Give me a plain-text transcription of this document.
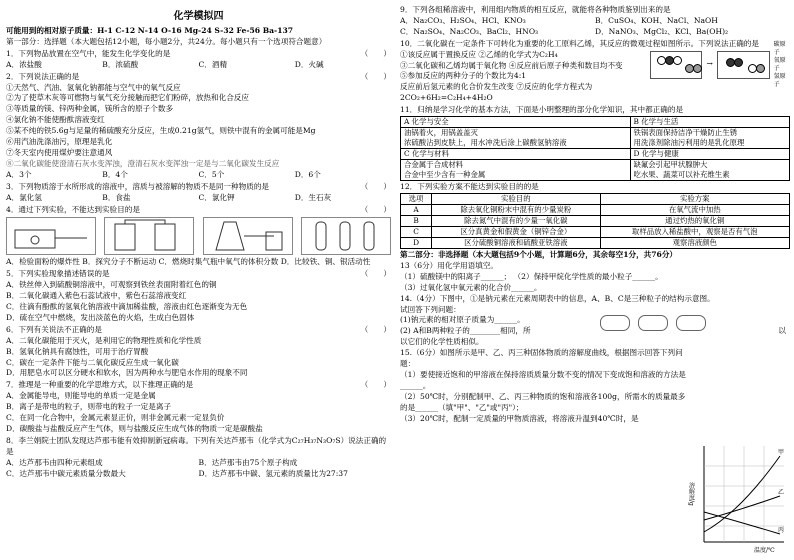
化学模拟四
可能用到的相对原子质量：H-1 C-12 N-14 O-16 Mg-24 S-32 Fe-56 Ba-137
第一部分：选择题（本大题包括12小题，每小题2分，共24分。每小题只有一个选项符合题意）
（　　）
1．下列物品放置在空气中，能发生化学变化的是
A．浓盐酸	B．浓硫酸	C．酒精	D．火碱
（　　）
2．下列说法正确的是
①天然气、汽油、氢氧化钠都能与空气中的氧气反应
②为了使草木灰等可燃物与氧气充分接触而把它们粉碎，放热和化合反应
③等质量的镁、锌两种金属，镁所含的原子个数多
④氯化钠不能使酚酞溶液变红
⑤某不纯的铁5.6g与足量的稀硫酸充分反应，生成0.21g氢气，则铁中混有的金属可能是Mg
⑥用汽油洗涤油污，原理是乳化
⑦冬天室内使用煤炉要注意通风
⑧二氧化碳能使澄清石灰水变浑浊，澄清石灰水变浑浊一定是与二氧化碳发生反应
A．3个	B．4个	C．5个	D．6个
（　　）
3．下列物质溶于水所形成的溶液中，溶质与被溶解的物质不是同一种物质的是
A．氯化氢	B．食盐	C．氯化钾	D．生石灰
（　　）
4．通过下列实验，不能达到实验目的是
A．检验面粉的爆炸性 B．探究分子不断运动 C．燃烧时集气瓶中氧气的体积分数 D．比较铁、铜、银活动性
（　　）
5．下列实验现象描述错误的是
A．铁丝伸入到硫酸铜溶液中，可观察到铁丝表面附着红色的铜
B．二氧化碳通入紫色石蕊试液中，紫色石蕊溶液变红
C．往滴有酚酞的氢氧化钠溶液中滴加稀盐酸，溶液由红色逐渐变为无色
D．硫在空气中燃烧，发出淡蓝色的火焰，生成白色固体
（　　）
6．下列有关说法不正确的是
A．二氧化碳能用于灭火，是利用它的物理性质和化学性质
B．氢氧化钠具有腐蚀性，可用于治疗胃酸
C．碳在一定条件下能与二氧化碳反应生成一氧化碳
D．用肥皂水可以区分硬水和软水，因为两种水与肥皂水作用的现象不同
（　　）
7．推理是一种重要的化学思维方式，以下推理正确的是
A．金属能导电，则能导电的单质一定是金属
B．离子是带电的粒子，则带电的粒子一定是离子
C．在同一化合物中，金属元素显正价，则非金属元素一定显负价
D．碳酸盐与盐酸反应产生气体，则与盐酸反应生成气体的物质一定是碳酸盐
8．李兰娟院士团队发现达芦那韦能有效抑制新冠病毒。下列有关达芦那韦（化学式为C₂₇H₃₇N₃O₇S）说法正确的是
A．达芦那韦由四种元素组成	B．达芦那韦由75个原子构成
C．达芦那韦中碳元素质量分数最大	D．达芦那韦中碳、氢元素的质量比为27:37
9．下列各组稀溶液中，利用组内物质的相互反应，就能将各种物质鉴别出来的是
A．Na₂CO₃、H₂SO₄、HCl、KNO₃	B．CuSO₄、KOH、NaCl、NaOH
C．Na₂SO₄、Na₂CO₃、BaCl₂、HNO₃	D．NaNO₃、MgCl₂、KCl、Ba(OH)₂
10．二氧化碳在一定条件下可转化为重要的化工原料乙烯，其反应的微观过程如图所示。下列说法正确的是
①该反应属于置换反应 ②乙烯的化学式为C₂H₄
③二氧化碳和乙烯均属于氧化物 ④反应前后原子种类和数目均不变
⑤参加反应的两种分子的个数比为4:1
反应前后氢元素的化合价发生改变 ⑦反应的化学方程式为2CO₂+6H₂=C₂H₄+4H₂O
→
碳原子
氧原子
氢原子
11．归纳是学习化学的基本方法，下面是小明整理的部分化学知识，其中都正确的是
A 化学与安全	B 化学与生活
油锅着火，用锅盖盖灭
浓硫酸沾到皮肤上，用水冲洗后涂上碳酸氢钠溶液	铁锅表面保持洁净干燥防止生锈
用洗涤剂除油污利用的是乳化原理
C 化学与材料	D 化学与健康
合金属于合成材料
合金中至少含有一种金属	缺氟会引起甲状腺肿大
吃水果、蔬菜可以补充维生素
12．下列实验方案不能达到实验目的的是
选项	实验目的	实验方案
A	除去氧化铜粉末中混有的少量炭粉	在氧气流中加热
B	除去氮气中混有的少量一氧化碳	通过灼热的氧化铜
C	区分真黄金和假黄金（铜锌合金）	取样品放入稀盐酸中，观察是否有气泡
D	区分硫酸铜溶液和硫酸亚铁溶液	观察溶液颜色
第二部分：非选择题（本大题包括9个小题，计算题6分，其余每空1分，共76分）
13（6分）用化学用语填空。
（1）硫酸镁中的阳离子______； （2）保持甲烷化学性质的最小粒子______。
（3）过氧化氢中氧元素的化合价______。
14.（4分）下图中，①是钠元素在元素周期表中的信息，A、B、C是三种粒子的结构示意图。
试回答下列问题：
(1)钠元素的相对原子质量为______。
(2) A和B两种粒子的________相同，所
以它们的化学性质相似。
以
15.（6分）如图所示是甲、乙、丙三种固体物质的溶解度曲线，根据图示回答下列问题：
（1）要使接近饱和的甲溶液在保持溶质质量分数不变的情况下变成饱和溶液的方法是______。
（2）50℃时，分别配制甲、乙、丙三种物质的饱和溶液各100g，所需水的质量最多的是______（填"甲"、"乙"或"丙"）；
（3）20℃时，配制一定质量的甲物质溶液，将溶液升温到40℃时，是
甲
乙
丙
溶解度/g
温度/℃
